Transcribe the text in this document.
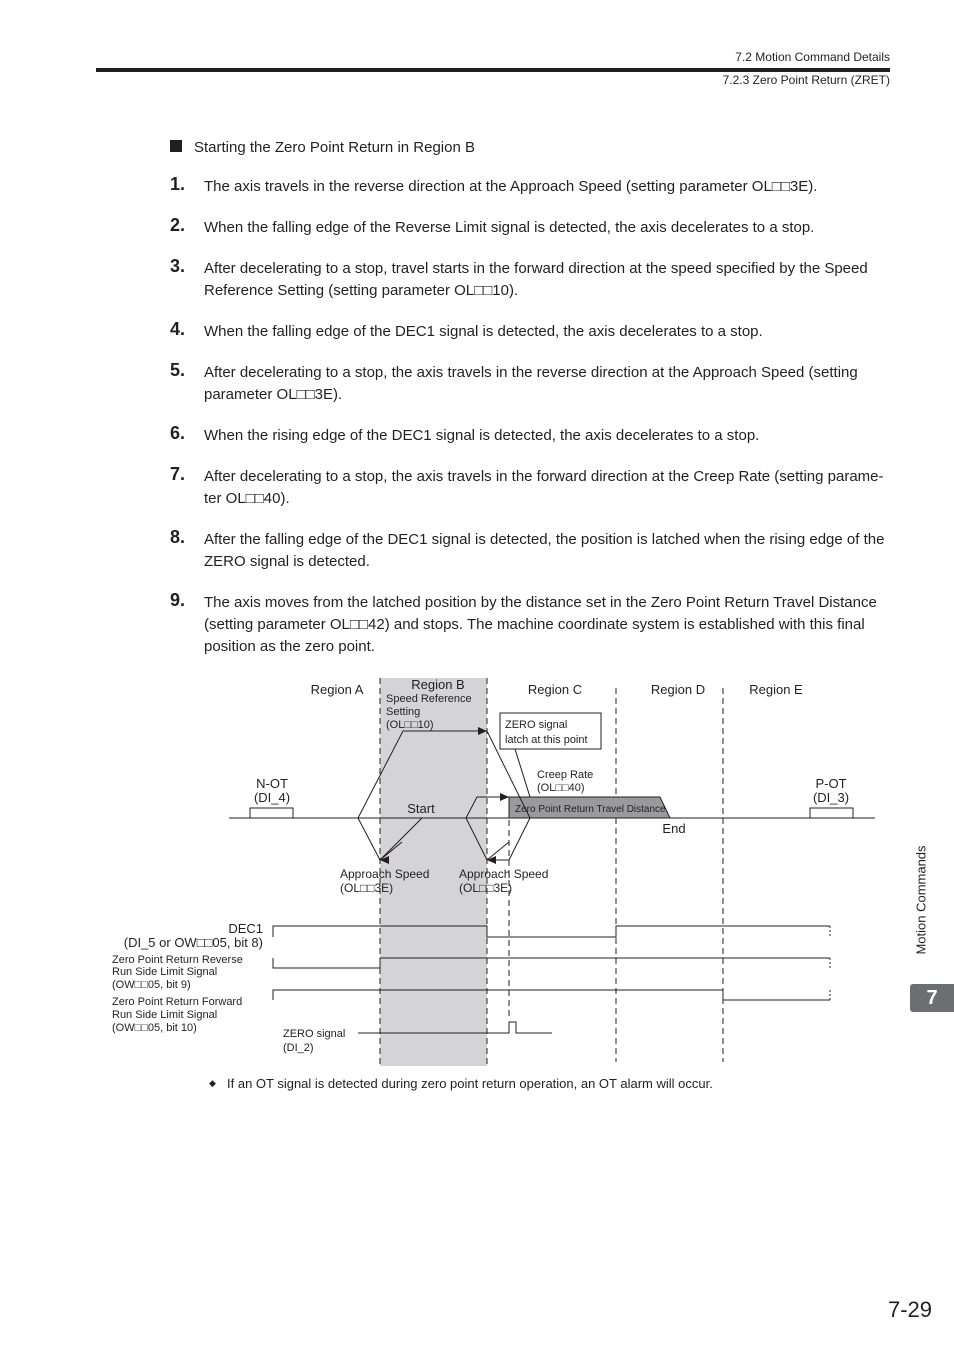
7.2 Motion Command Details
7.2.3 Zero Point Return (ZRET)
Starting the Zero Point Return in Region B
1. The axis travels in the reverse direction at the Approach Speed (setting parameter OL□□3E).
2. When the falling edge of the Reverse Limit signal is detected, the axis decelerates to a stop.
3. After decelerating to a stop, travel starts in the forward direction at the speed specified by the Speed Reference Setting (setting parameter OL□□10).
4. When the falling edge of the DEC1 signal is detected, the axis decelerates to a stop.
5. After decelerating to a stop, the axis travels in the reverse direction at the Approach Speed (setting parameter OL□□3E).
6. When the rising edge of the DEC1 signal is detected, the axis decelerates to a stop.
7. After decelerating to a stop, the axis travels in the forward direction at the Creep Rate (setting parame-ter OL□□40).
8. After the falling edge of the DEC1 signal is detected, the position is latched when the rising edge of the ZERO signal is detected.
9. The axis moves from the latched position by the distance set in the Zero Point Return Travel Distance (setting parameter OL□□42) and stops. The machine coordinate system is established with this final position as the zero point.
Region A	Region B	Region C	Region D	Region E
Speed Reference
Setting
(OL□□10)	ZERO signal
latch at this point
Creep Rate
(OL□□40)
Zero Point Return Travel Distance
N-OT
(DI_4)
P-OT
(DI_3)
Start
End
Approach Speed
(OL□□3E)
Approach Speed
(OL□□3E)
DEC1
(DI_5 or OW□□05, bit 8)
Zero Point Return Reverse
Run Side Limit Signal
(OW□□05, bit 9)
Zero Point Return Forward
Run Side Limit Signal
(OW□□05, bit 10)	ZERO signal
(DI_2)
◆ If an OT signal is detected during zero point return operation, an OT alarm will occur.
Motion Commands
7
7-29
